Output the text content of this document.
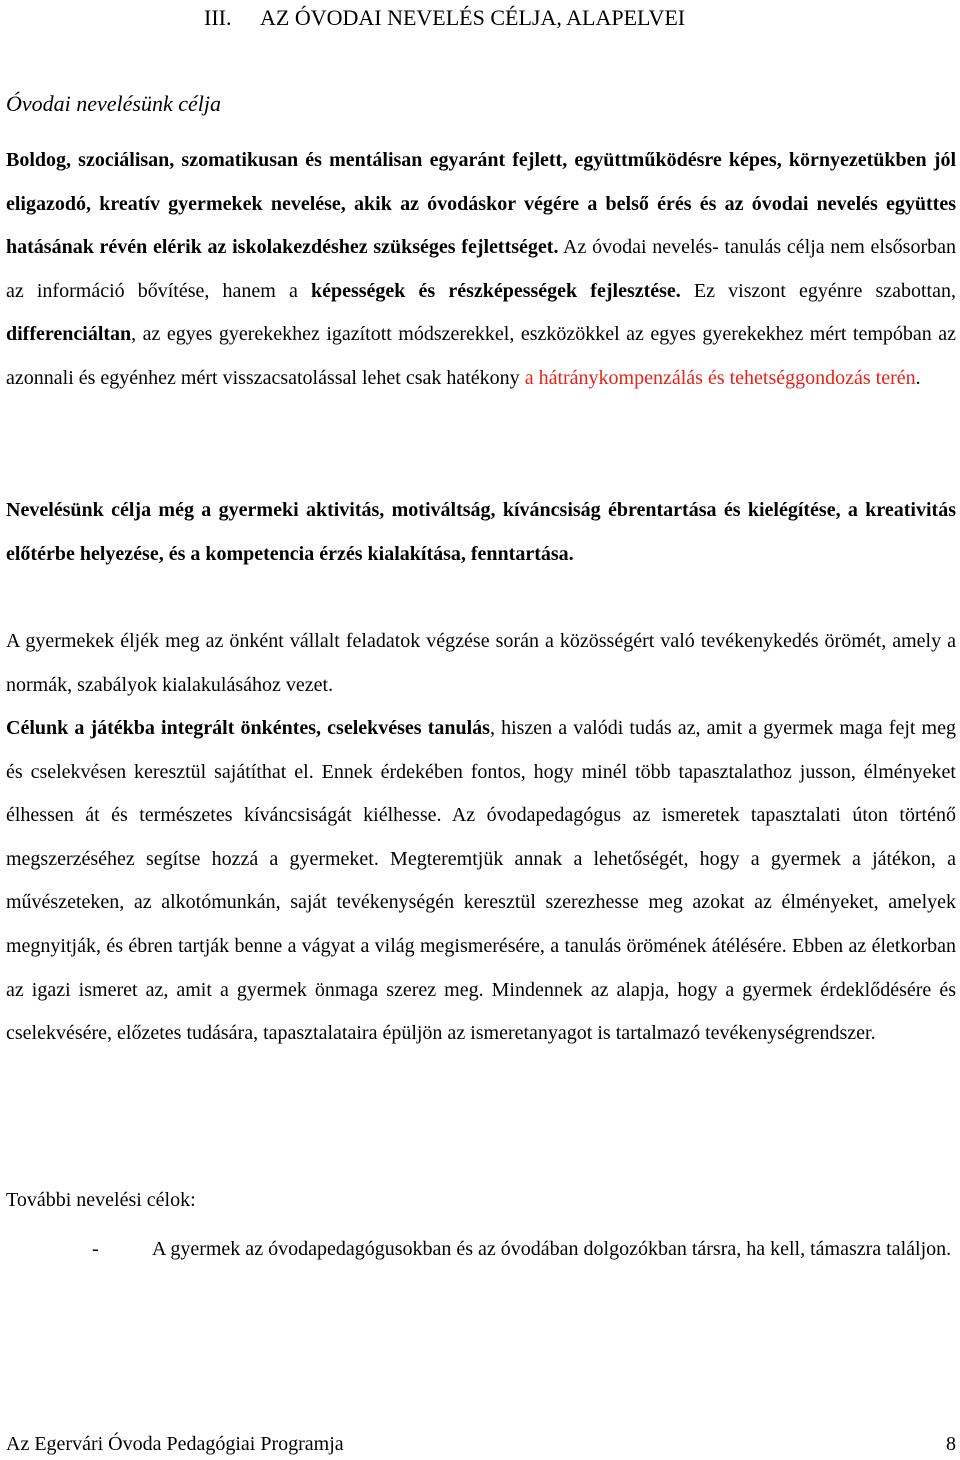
III. AZ ÓVODAI NEVELÉS CÉLJA, ALAPELVEI
Óvodai nevelésünk célja
Boldog, szociálisan, szomatikusan és mentálisan egyaránt fejlett, együttműködésre képes, környezetükben jól eligazodó, kreatív gyermekek nevelése, akik az óvodáskor végére a belső érés és az óvodai nevelés együttes hatásának révén elérik az iskolakezdéshez szükséges fejlettséget. Az óvodai nevelés- tanulás célja nem elsősorban az információ bővítése, hanem a képességek és részképességek fejlesztése. Ez viszont egyénre szabottan, differenciáltan, az egyes gyerekekhez igazított módszerekkel, eszközökkel az egyes gyerekekhez mért tempóban az azonnali és egyénhez mért visszacsatolással lehet csak hatékony a hátránykompenzálás és tehetséggondozás terén.
Nevelésünk célja még a gyermeki aktivitás, motiváltság, kíváncsiság ébrentartása és kielégítése, a kreativitás előtérbe helyezése, és a kompetencia érzés kialakítása, fenntartása.
A gyermekek éljék meg az önként vállalt feladatok végzése során a közösségért való tevékenykedés örömét, amely a normák, szabályok kialakulásához vezet.
Célunk a játékba integrált önkéntes, cselekvéses tanulás, hiszen a valódi tudás az, amit a gyermek maga fejt meg és cselekvésen keresztül sajátíthat el. Ennek érdekében fontos, hogy minél több tapasztalathoz jusson, élményeket élhessen át és természetes kíváncsiságát kiélhesse. Az óvodapedagógus az ismeretek tapasztalati úton történő megszerzéséhez segítse hozzá a gyermeket. Megteremtjük annak a lehetőségét, hogy a gyermek a játékon, a művészeteken, az alkotómunkán, saját tevékenységén keresztül szerezhesse meg azokat az élményeket, amelyek megnyitják, és ébren tartják benne a vágyat a világ megismerésére, a tanulás örömének átélésére. Ebben az életkorban az igazi ismeret az, amit a gyermek önmaga szerez meg. Mindennek az alapja, hogy a gyermek érdeklődésére és cselekvésére, előzetes tudására, tapasztalataira épüljön az ismeretanyagot is tartalmazó tevékenységrendszer.
További nevelési célok:
-	A gyermek az óvodapedagógusokban és az óvodában dolgozókban társra, ha kell, támaszra találjon.
Az Egervári Óvoda Pedagógiai Programja	8
